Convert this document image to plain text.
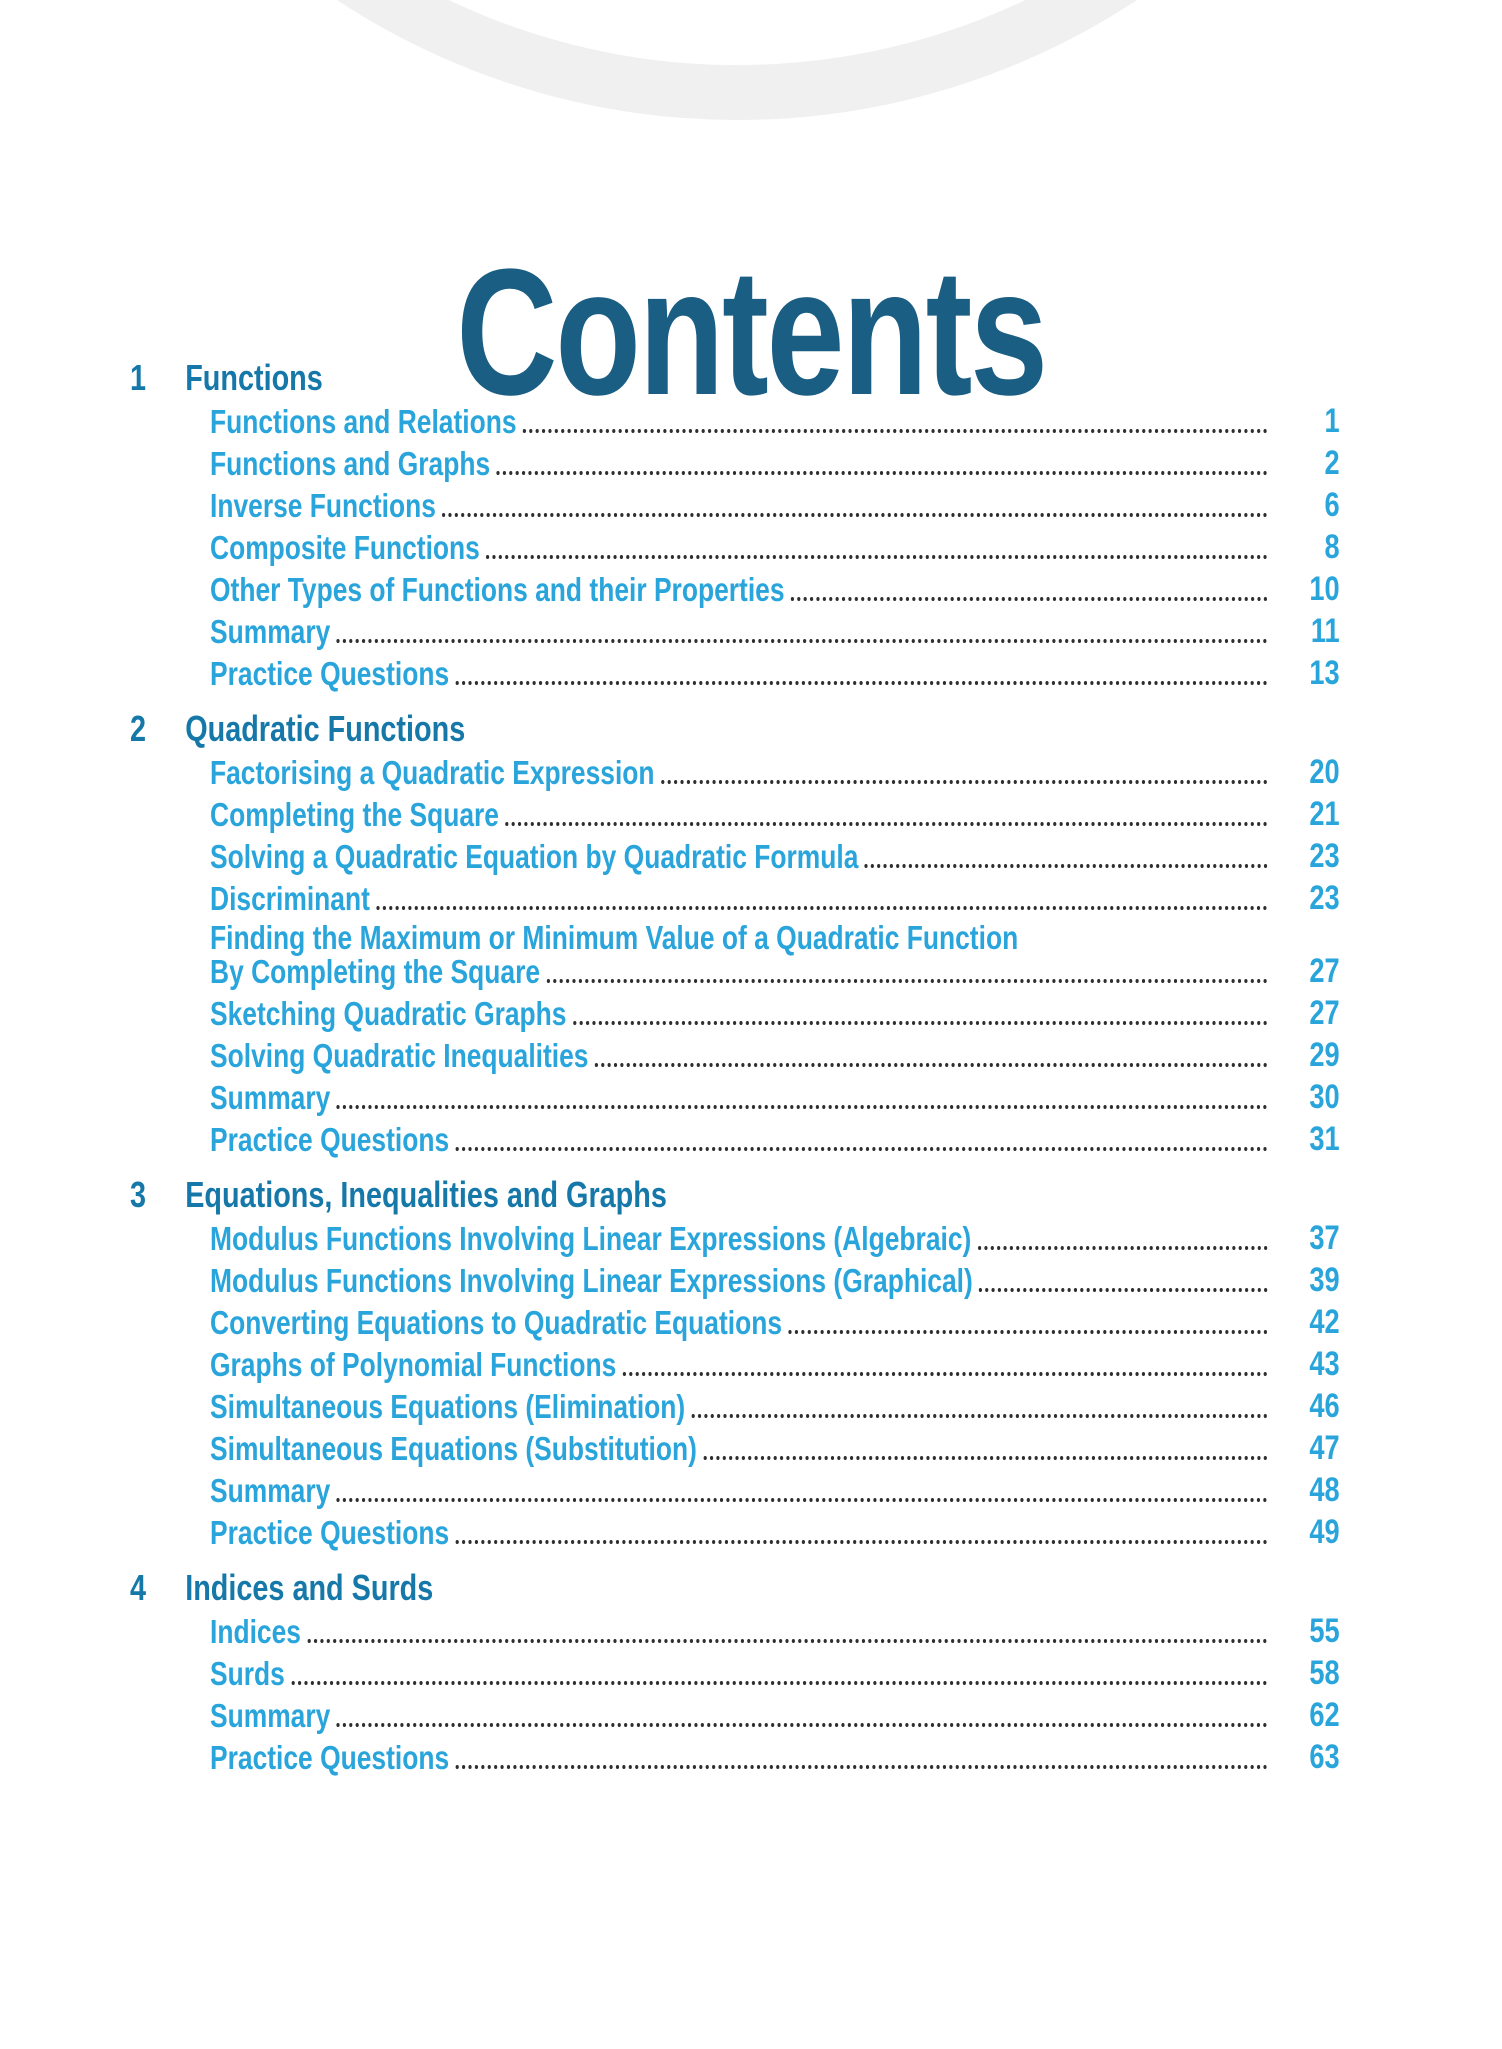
Contents
1	Functions
Functions and Relations	1
Functions and Graphs	2
Inverse Functions	6
Composite Functions	8
Other Types of Functions and their Properties	10
Summary	11
Practice Questions	13
2	Quadratic Functions
Factorising a Quadratic Expression	20
Completing the Square	21
Solving a Quadratic Equation by Quadratic Formula	23
Discriminant	23
Finding the Maximum or Minimum Value of a Quadratic Function
By Completing the Square	27
Sketching Quadratic Graphs	27
Solving Quadratic Inequalities	29
Summary	30
Practice Questions	31
3	Equations, Inequalities and Graphs
Modulus Functions Involving Linear Expressions (Algebraic)	37
Modulus Functions Involving Linear Expressions (Graphical)	39
Converting Equations to Quadratic Equations	42
Graphs of Polynomial Functions	43
Simultaneous Equations (Elimination)	46
Simultaneous Equations (Substitution)	47
Summary	48
Practice Questions	49
4	Indices and Surds
Indices	55
Surds	58
Summary	62
Practice Questions	63
